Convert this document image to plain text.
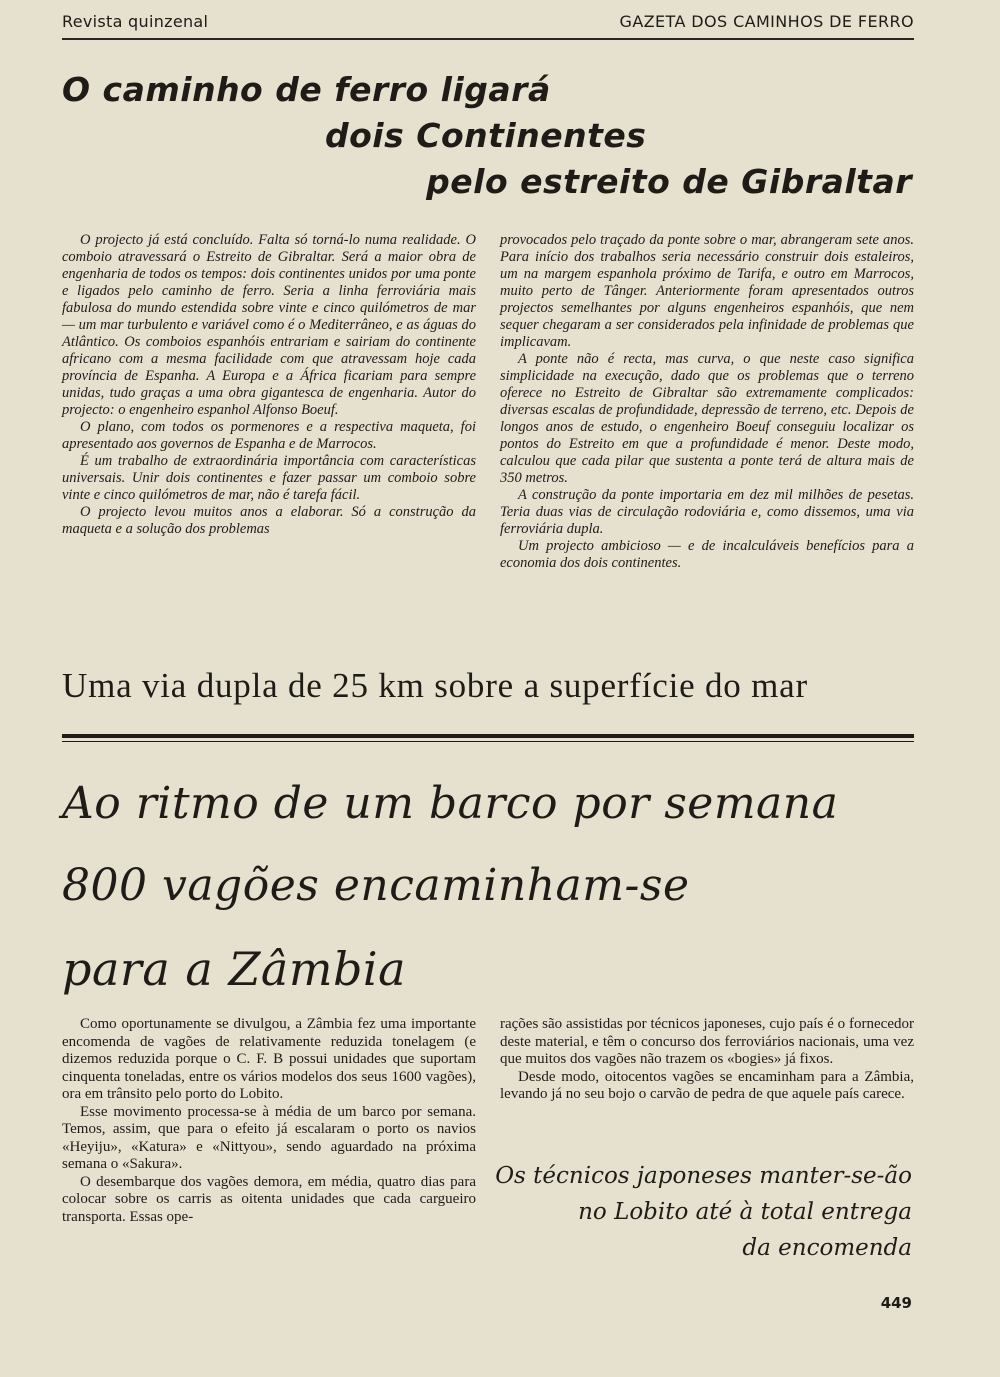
Revista quinzenal	GAZETA DOS CAMINHOS DE FERRO
O caminho de ferro ligará
dois Continentes
pelo estreito de Gibraltar

O projecto já está concluído. Falta só torná-lo numa realidade. O comboio atravessará o Estreito de Gibraltar. Será a maior obra de engenharia de todos os tempos: dois continentes unidos por uma ponte e ligados pelo caminho de ferro. Seria a linha ferroviária mais fabulosa do mundo estendida sobre vinte e cinco quilómetros de mar — um mar turbulento e variável como é o Mediterrâneo, e as águas do Atlântico. Os comboios espanhóis entrariam e sairiam do continente africano com a mesma facilidade com que atravessam hoje cada província de Espanha. A Europa e a África ficariam para sempre unidas, tudo graças a uma obra gigantesca de engenharia. Autor do projecto: o engenheiro espanhol Alfonso Boeuf.

O plano, com todos os pormenores e a respectiva maqueta, foi apresentado aos governos de Espanha e de Marrocos.

É um trabalho de extraordinária importância com características universais. Unir dois continentes e fazer passar um comboio sobre vinte e cinco quilómetros de mar, não é tarefa fácil.

O projecto levou muitos anos a elaborar. Só a construção da maqueta e a solução dos problemas

provocados pelo traçado da ponte sobre o mar, abrangeram sete anos. Para início dos trabalhos seria necessário construir dois estaleiros, um na margem espanhola próximo de Tarifa, e outro em Marrocos, muito perto de Tânger. Anteriormente foram apresentados outros projectos semelhantes por alguns engenheiros espanhóis, que nem sequer chegaram a ser considerados pela infinidade de problemas que implicavam.

A ponte não é recta, mas curva, o que neste caso significa simplicidade na execução, dado que os problemas que o terreno oferece no Estreito de Gibraltar são extremamente complicados: diversas escalas de profundidade, depressão de terreno, etc. Depois de longos anos de estudo, o engenheiro Boeuf conseguiu localizar os pontos do Estreito em que a profundidade é menor. Deste modo, calculou que cada pilar que sustenta a ponte terá de altura mais de 350 metros.

A construção da ponte importaria em dez mil milhões de pesetas. Teria duas vias de circulação rodoviária e, como dissemos, uma via ferroviária dupla.

Um projecto ambicioso — e de incalculáveis benefícios para a economia dos dois continentes.

Uma via dupla de 25 km sobre a superfície do mar
Ao ritmo de um barco por semana
800 vagões encaminham-se
para a Zâmbia

Como oportunamente se divulgou, a Zâmbia fez uma importante encomenda de vagões de relativamente reduzida tonelagem (e dizemos reduzida porque o C. F. B possui unidades que suportam cinquenta toneladas, entre os vários modelos dos seus 1600 vagões), ora em trânsito pelo porto do Lobito.

Esse movimento processa-se à média de um barco por semana. Temos, assim, que para o efeito já escalaram o porto os navios «Heyiju», «Katura» e «Nittyou», sendo aguardado na próxima semana o «Sakura».

O desembarque dos vagões demora, em média, quatro dias para colocar sobre os carris as oitenta unidades que cada cargueiro transporta. Essas ope-

rações são assistidas por técnicos japoneses, cujo país é o fornecedor deste material, e têm o concurso dos ferroviários nacionais, uma vez que muitos dos vagões não trazem os «bogies» já fixos.

Desde modo, oitocentos vagões se encaminham para a Zâmbia, levando já no seu bojo o carvão de pedra de que aquele país carece.

Os técnicos japoneses manter-se-ão
no Lobito até à total entrega
da encomenda
449
